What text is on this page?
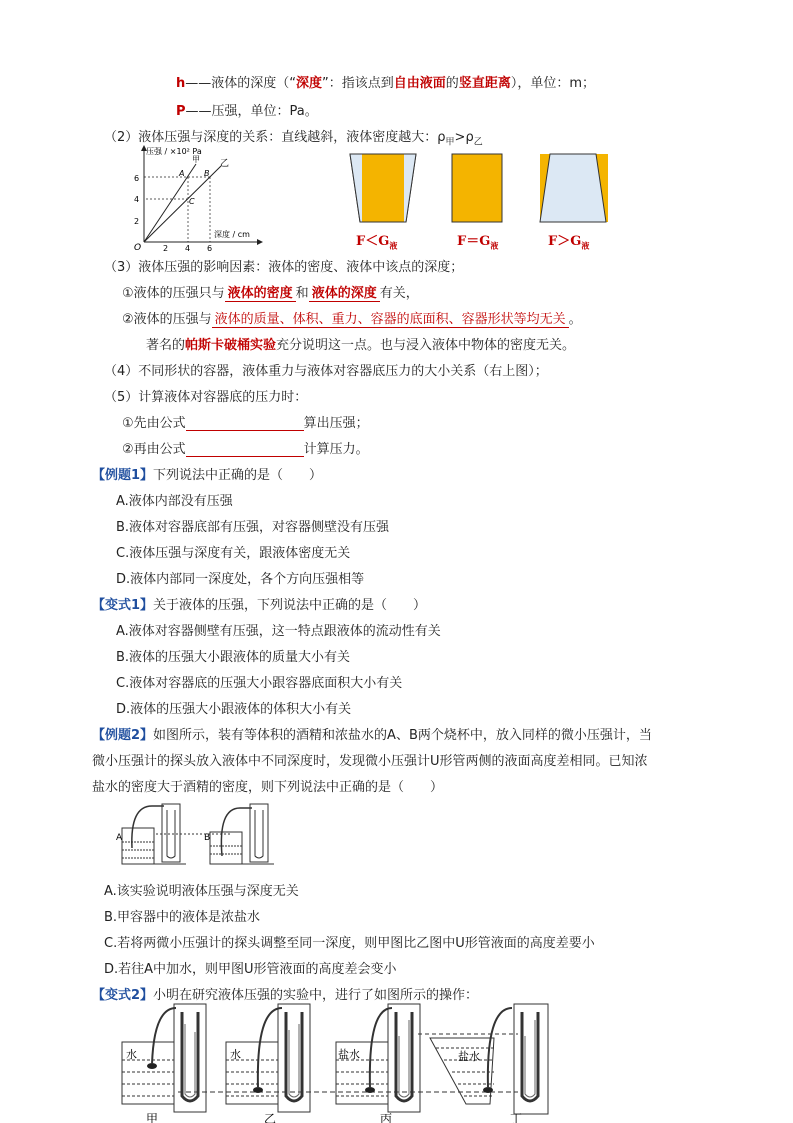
h——液体的深度（“深度”：指该点到自由液面的竖直距离），单位：m；
P——压强，单位：Pa。
（2）液体压强与深度的关系：直线越斜，液体密度越大：$\rho_甲>\rho_乙$
压强 / ×10² Pa
深度 / cm
O
6
4
2
2 4 6
甲 乙
A B
C
$F<G_液$	$F=G_液$	$F>G_液$
（3）液体压强的影响因素：液体的密度、液体中该点的深度；
①液体的压强只与 液体的密度 和 液体的深度 有关，
②液体的压强与 液体的质量、体积、重力、容器的底面积、容器形状等均无关 。
著名的帕斯卡破桶实验充分说明这一点。也与浸入液体中物体的密度无关。
（4）不同形状的容器，液体重力与液体对容器底压力的大小关系（右上图）；
（5）计算液体对容器底的压力时：
①先由公式	算出压强；
②再由公式	计算压力。
【例题1】下列说法中正确的是（　　）
A.液体内部没有压强
B.液体对容器底部有压强，对容器侧壁没有压强
C.液体压强与深度有关，跟液体密度无关
D.液体内部同一深度处，各个方向压强相等
【变式1】关于液体的压强，下列说法中正确的是（　　）
A.液体对容器侧壁有压强，这一特点跟液体的流动性有关
B.液体的压强大小跟液体的质量大小有关
C.液体对容器底的压强大小跟容器底面积大小有关
D.液体的压强大小跟液体的体积大小有关
【例题2】如图所示，装有等体积的酒精和浓盐水的A、B两个烧杯中，放入同样的微小压强计，当
微小压强计的探头放入液体中不同深度时，发现微小压强计U形管两侧的液面高度差相同。已知浓
盐水的密度大于酒精的密度，则下列说法中正确的是（　　）
A	B
A.该实验说明液体压强与深度无关
B.甲容器中的液体是浓盐水
C.若将两微小压强计的探头调整至同一深度，则甲图比乙图中U形管液面的高度差要小
D.若往A中加水，则甲图U形管液面的高度差会变小
【变式2】小明在研究液体压强的实验中，进行了如图所示的操作：
水	水	盐水	盐水
甲	乙	丙	丁
